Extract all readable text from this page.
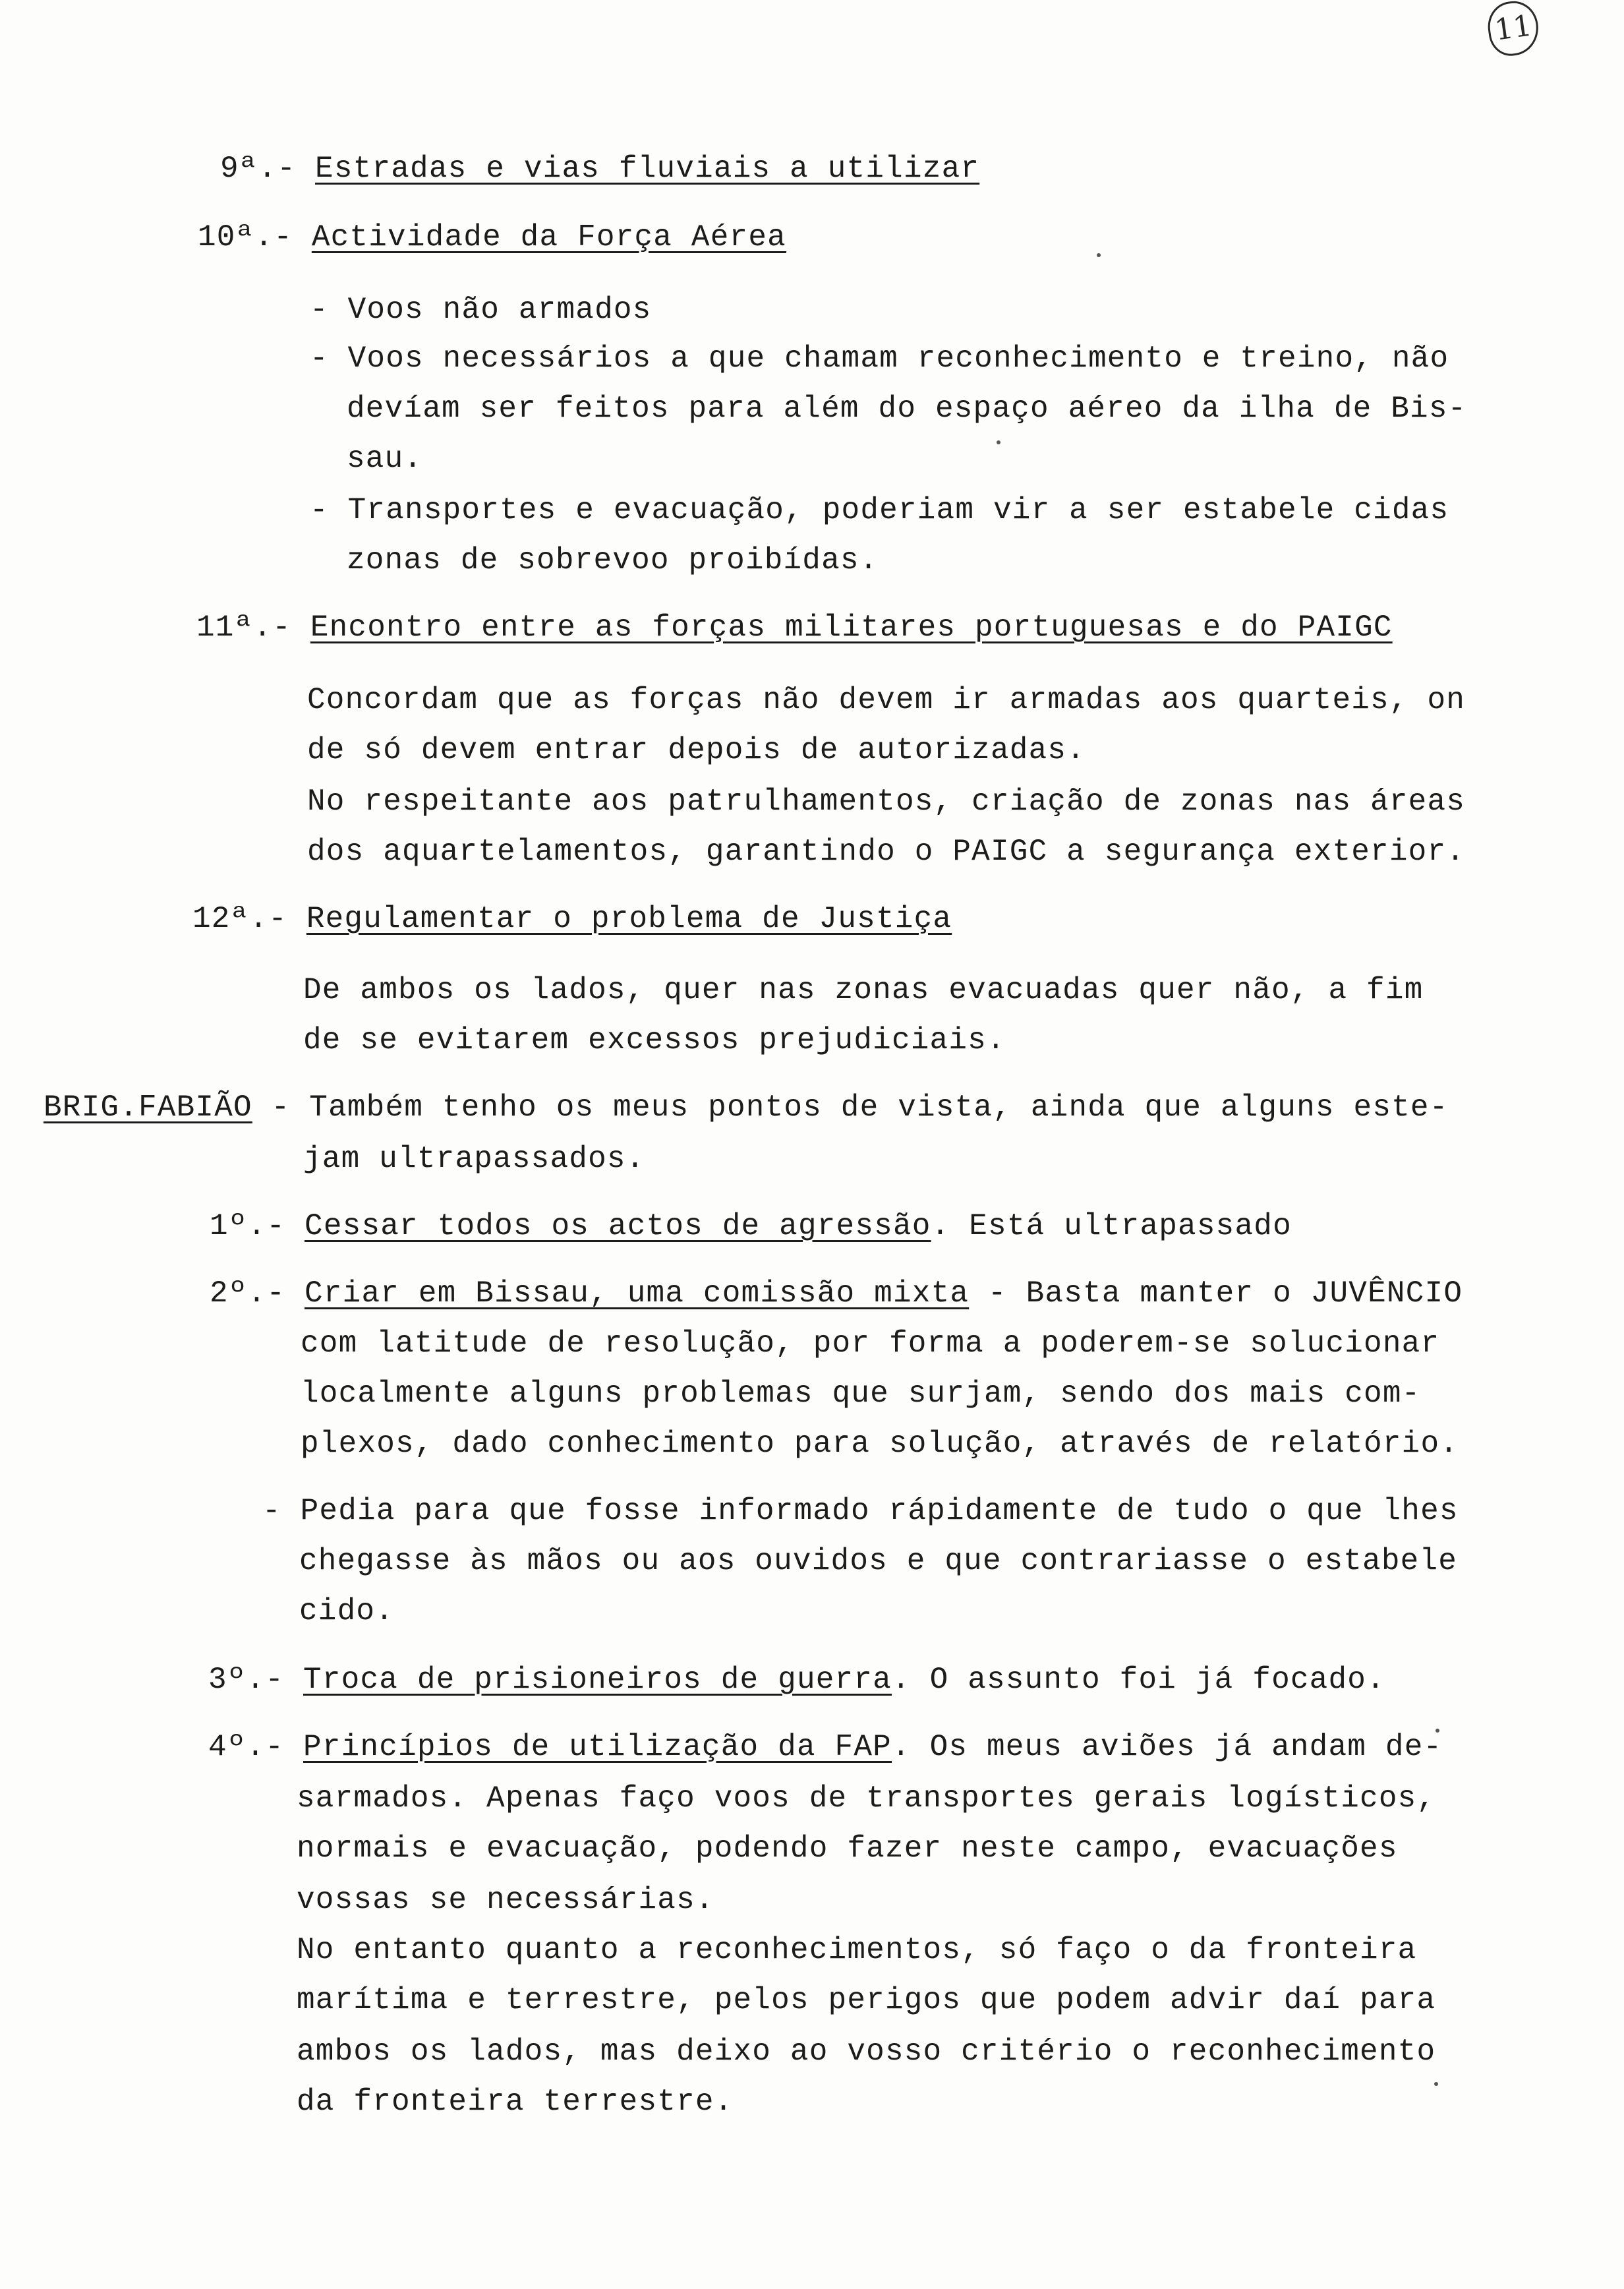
11
9ª.- Estradas e vias fluviais a utilizar
10ª.- Actividade da Força Aérea
- Voos não armados
- Voos necessários a que chamam reconhecimento e treino, não
devíam ser feitos para além do espaço aéreo da ilha de Bis-
sau.
- Transportes e evacuação, poderiam vir a ser estabele cidas
zonas de sobrevoo proibídas.
11ª.- Encontro entre as forças militares portuguesas e do PAIGC
Concordam que as forças não devem ir armadas aos quarteis, on
de só devem entrar depois de autorizadas.
No respeitante aos patrulhamentos, criação de zonas nas áreas
dos aquartelamentos, garantindo o PAIGC a segurança exterior.
12ª.- Regulamentar o problema de Justiça
De ambos os lados, quer nas zonas evacuadas quer não, a fim
de se evitarem excessos prejudiciais.
BRIG.FABIÃO - Também tenho os meus pontos de vista, ainda que alguns este-
jam ultrapassados.
1º.- Cessar todos os actos de agressão. Está ultrapassado
2º.- Criar em Bissau, uma comissão mixta - Basta manter o JUVÊNCIO
com latitude de resolução, por forma a poderem-se solucionar
localmente alguns problemas que surjam, sendo dos mais com-
plexos, dado conhecimento para solução, através de relatório.
- Pedia para que fosse informado rápidamente de tudo o que lhes
chegasse às mãos ou aos ouvidos e que contrariasse o estabele
cido.
3º.- Troca de prisioneiros de guerra. O assunto foi já focado.
4º.- Princípios de utilização da FAP. Os meus aviões já andam de-
sarmados. Apenas faço voos de transportes gerais logísticos,
normais e evacuação, podendo fazer neste campo, evacuações
vossas se necessárias.
No entanto quanto a reconhecimentos, só faço o da fronteira
marítima e terrestre, pelos perigos que podem advir daí para
ambos os lados, mas deixo ao vosso critério o reconhecimento
da fronteira terrestre.
